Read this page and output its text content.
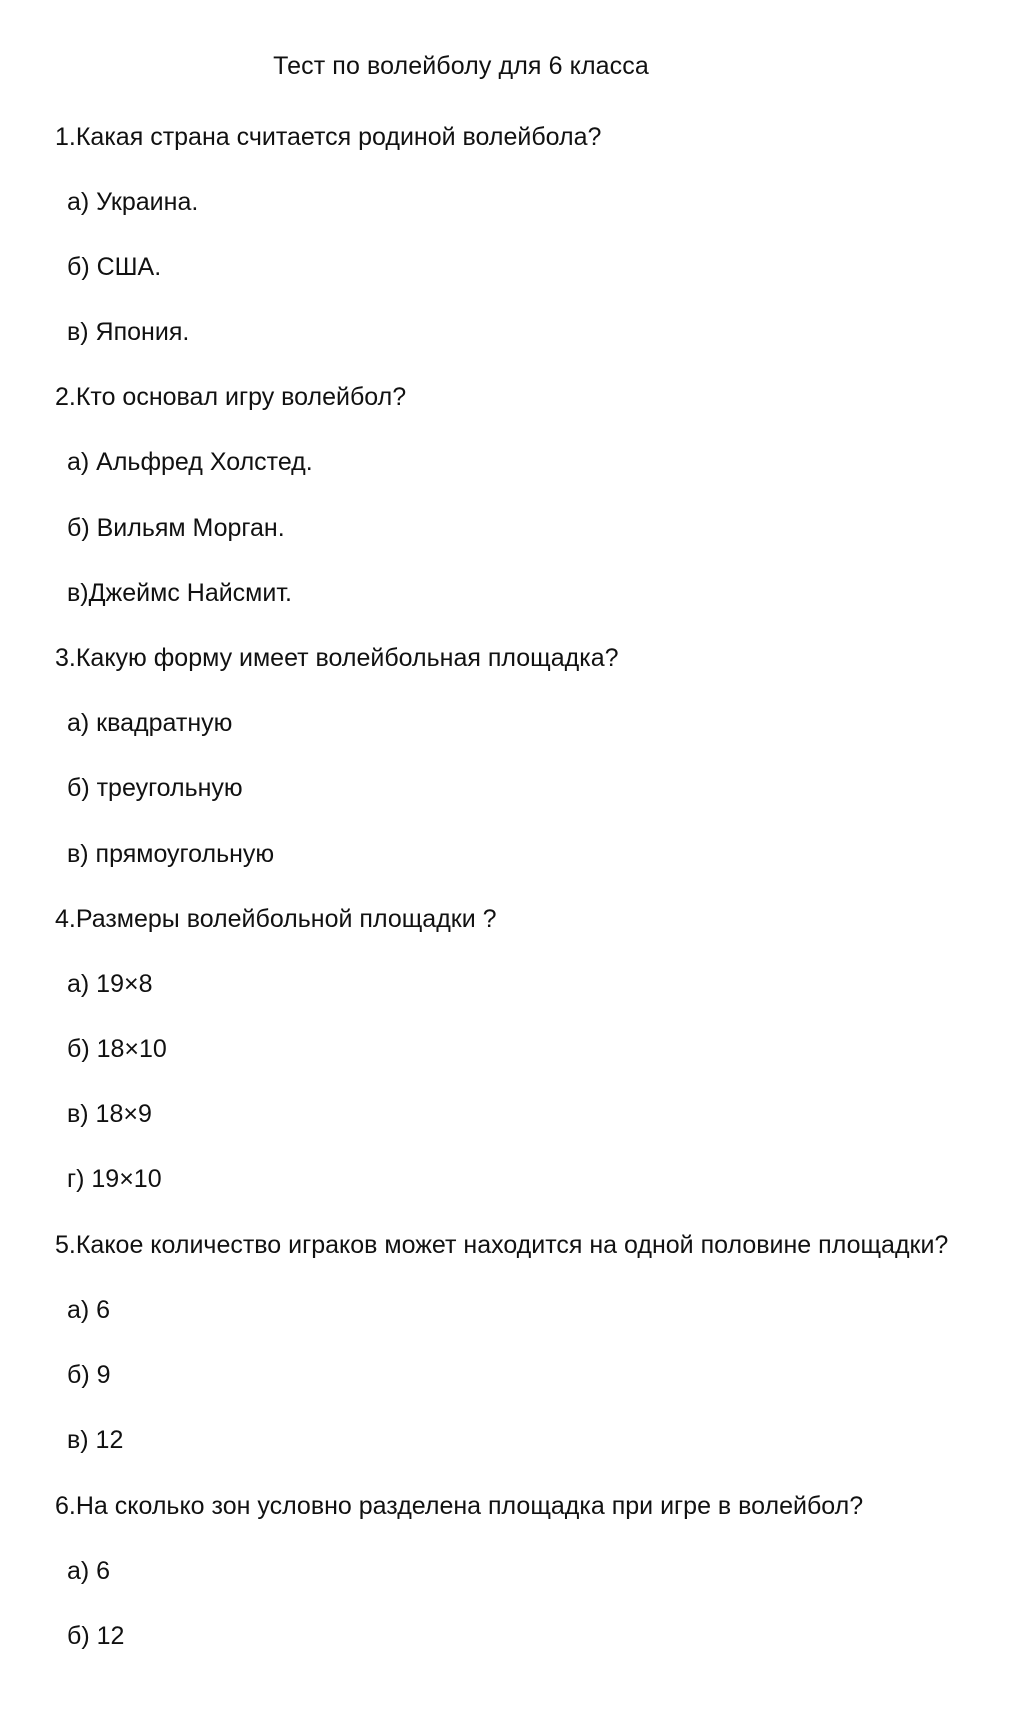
Тест по волейболу для 6 класса
1.Какая страна считается родиной волейбола?
а) Украина.
б) США.
в) Япония.
2.Кто основал игру волейбол?
а) Альфред Холстед.
б) Вильям Морган.
в)Джеймс Найсмит.
3.Какую форму имеет волейбольная площадка?
а) квадратную
б) треугольную
в) прямоугольную
4.Размеры волейбольной площадки ?
а) 19×8
б) 18×10
в) 18×9
г) 19×10
5.Какое количество играков может находится на одной половине площадки?
а) 6
б) 9
в) 12
6.На сколько зон условно разделена площадка при игре в волейбол?
а) 6
б) 12
